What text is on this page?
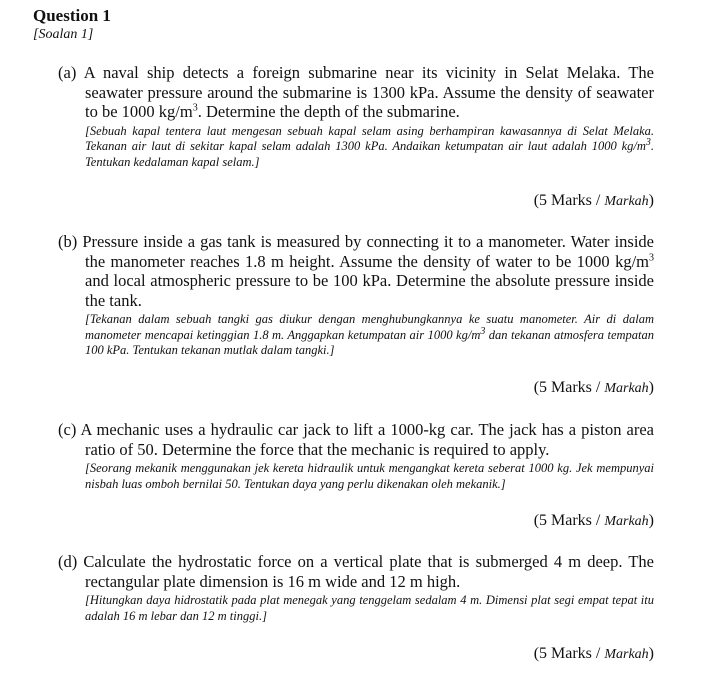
Question 1
[Soalan 1]
(a) A naval ship detects a foreign submarine near its vicinity in Selat Melaka. The seawater pressure around the submarine is 1300 kPa. Assume the density of seawater to be 1000 $kg/m^3$. Determine the depth of the submarine.
[Sebuah kapal tentera laut mengesan sebuah kapal selam asing berhampiran kawasannya di Selat Melaka. Tekanan air laut di sekitar kapal selam adalah 1300 kPa. Andaikan ketumpatan air laut adalah 1000 $kg/m^3$. Tentukan kedalaman kapal selam.]
(5 Marks / Markah)
(b) Pressure inside a gas tank is measured by connecting it to a manometer. Water inside the manometer reaches 1.8 m height. Assume the density of water to be 1000 $kg/m^3$ and local atmospheric pressure to be 100 kPa. Determine the absolute pressure inside the tank.
[Tekanan dalam sebuah tangki gas diukur dengan menghubungkannya ke suatu manometer. Air di dalam manometer mencapai ketinggian 1.8 m. Anggapkan ketumpatan air 1000 $kg/m^3$ dan tekanan atmosfera tempatan 100 kPa. Tentukan tekanan mutlak dalam tangki.]
(5 Marks / Markah)
(c) A mechanic uses a hydraulic car jack to lift a 1000-kg car. The jack has a piston area ratio of 50. Determine the force that the mechanic is required to apply.
[Seorang mekanik menggunakan jek kereta hidraulik untuk mengangkat kereta seberat 1000 kg. Jek mempunyai nisbah luas omboh bernilai 50. Tentukan daya yang perlu dikenakan oleh mekanik.]
(5 Marks / Markah)
(d) Calculate the hydrostatic force on a vertical plate that is submerged 4 m deep. The rectangular plate dimension is 16 m wide and 12 m high.
[Hitungkan daya hidrostatik pada plat menegak yang tenggelam sedalam 4 m. Dimensi plat segi empat tepat itu adalah 16 m lebar dan 12 m tinggi.]
(5 Marks / Markah)
